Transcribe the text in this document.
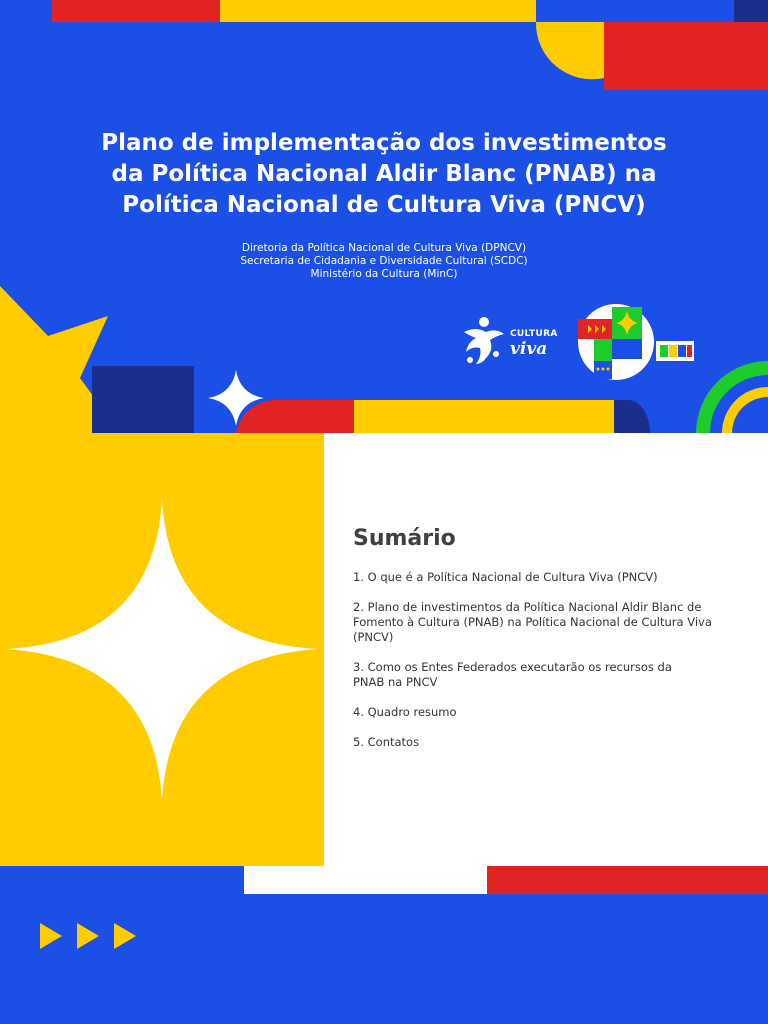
Plano de implementação dos investimentos
da Política Nacional Aldir Blanc (PNAB) na
Política Nacional de Cultura Viva (PNCV)
Diretoria da Política Nacional de Cultura Viva (DPNCV)
Secretaria de Cidadania e Diversidade Cultural (SCDC)
Ministério da Cultura (MinC)
CULTURA
viva
Sumário
1. O que é a Política Nacional de Cultura Viva (PNCV)
2. Plano de investimentos da Política Nacional Aldir Blanc de Fomento à Cultura (PNAB) na Política Nacional de Cultura Viva (PNCV)
3. Como os Entes Federados executarão os recursos da PNAB na PNCV
4. Quadro resumo
5. Contatos
